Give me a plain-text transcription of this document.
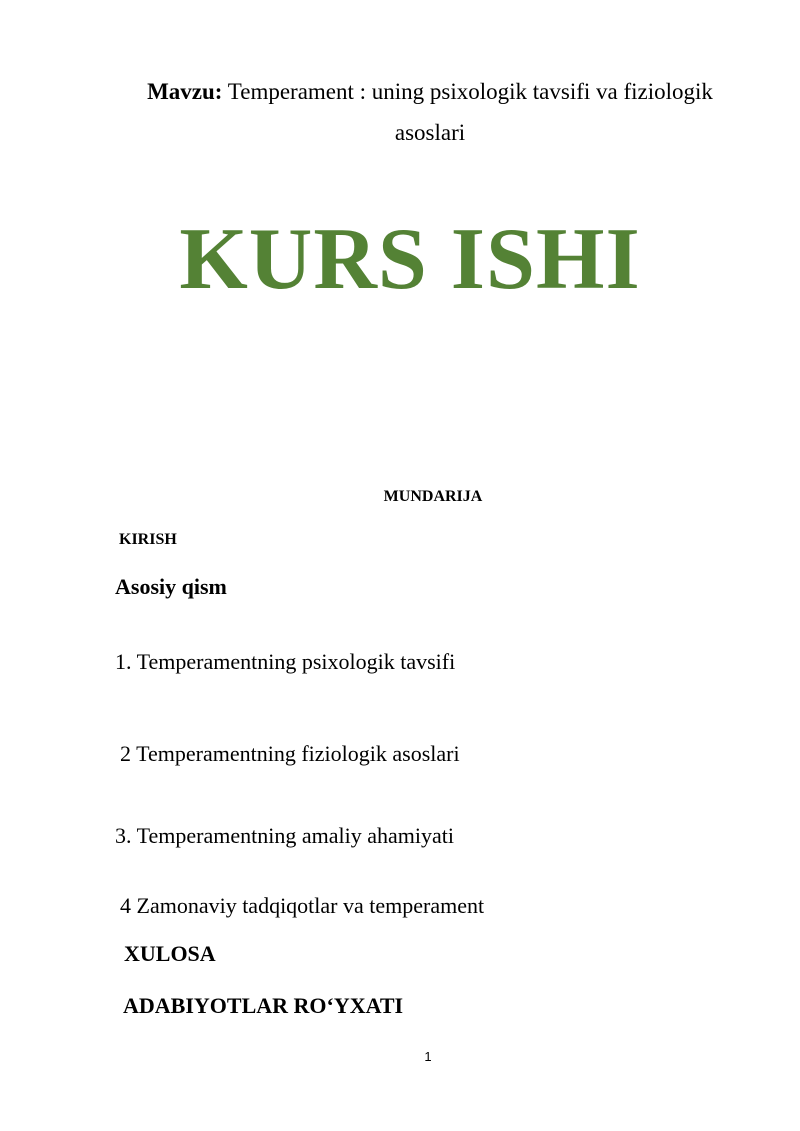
Mavzu: Temperament : uning psixologik tavsifi va fiziologik
asoslari
KURS ISHI
MUNDARIJA
KIRISH
Asosiy qism
1. Temperamentning psixologik tavsifi
2 Temperamentning fiziologik asoslari
3. Temperamentning amaliy ahamiyati
4 Zamonaviy tadqiqotlar va temperament
XULOSA
ADABIYOTLAR RO‘YXATI
1
